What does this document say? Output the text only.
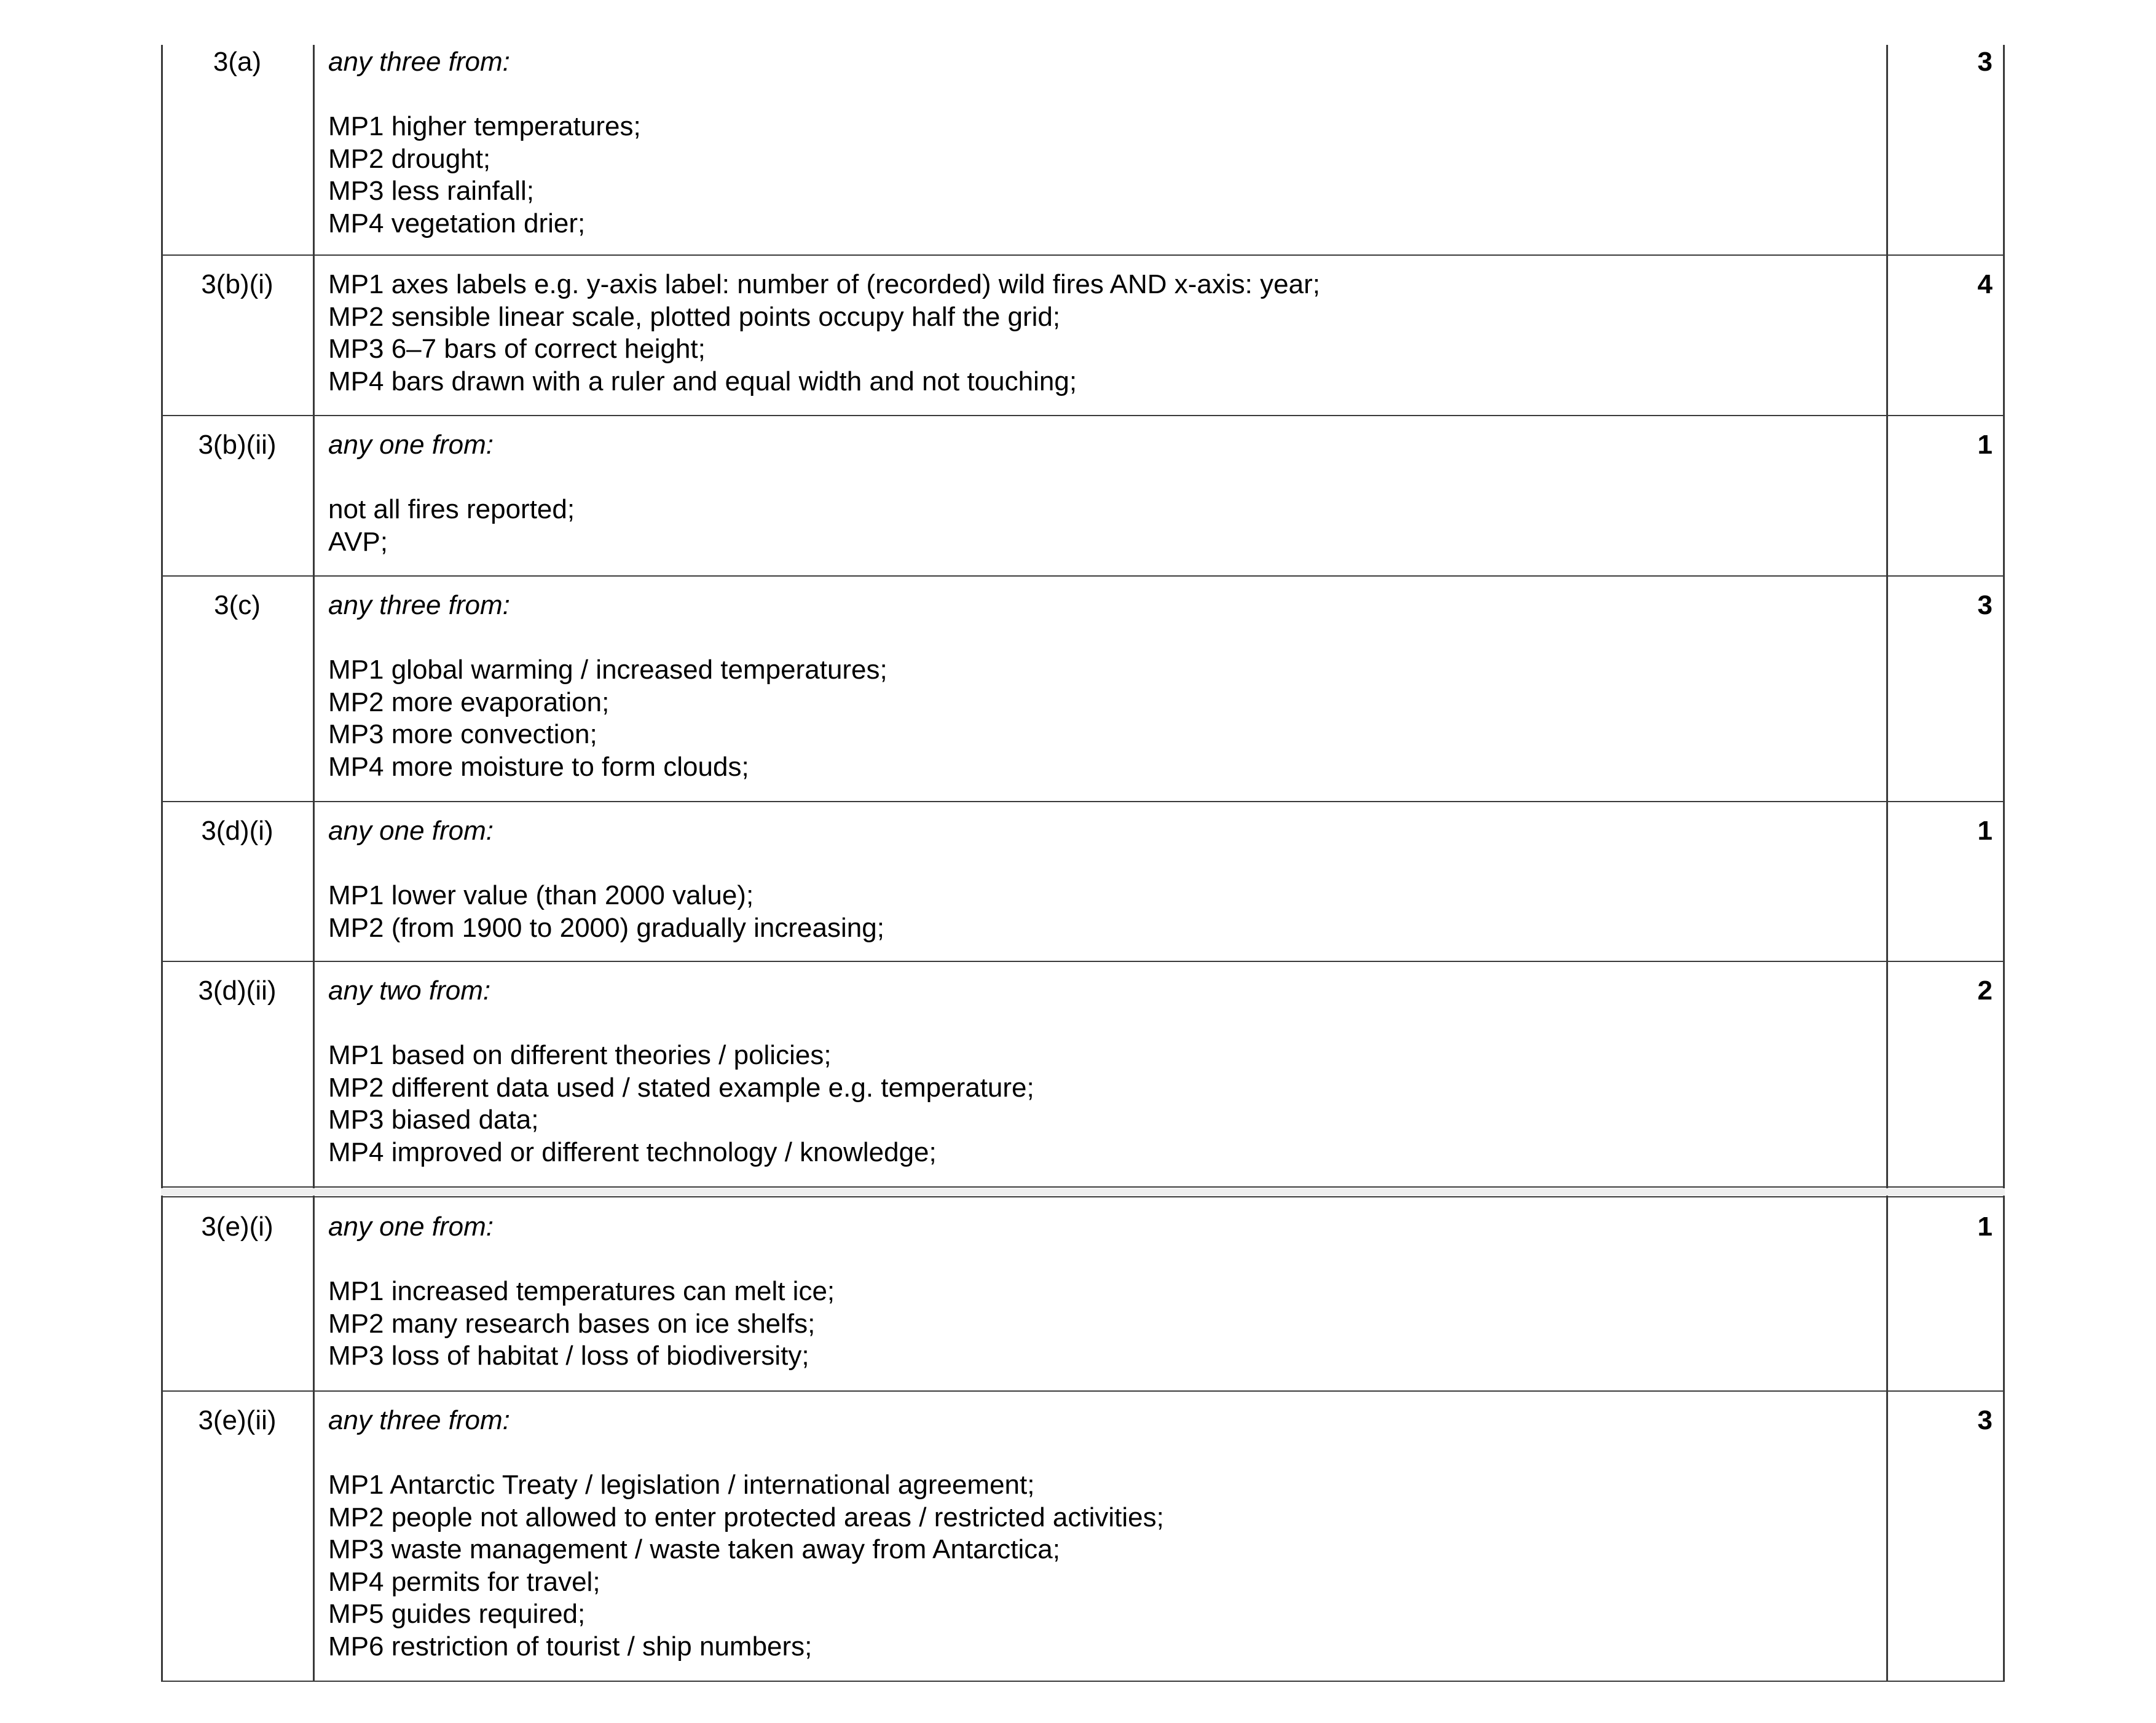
3(a)	any three from:
MP1 higher temperatures;
MP2 drought;
MP3 less rainfall;
MP4 vegetation drier;
3
3(b)(i)	MP1 axes labels e.g. y-axis label: number of (recorded) wild fires AND x-axis: year;
MP2 sensible linear scale, plotted points occupy half the grid;
MP3 6–7 bars of correct height;
MP4 bars drawn with a ruler and equal width and not touching;
4
3(b)(ii)	any one from:
not all fires reported;
AVP;
1
3(c)	any three from:
MP1 global warming / increased temperatures;
MP2 more evaporation;
MP3 more convection;
MP4 more moisture to form clouds;
3
3(d)(i)	any one from:
MP1 lower value (than 2000 value);
MP2 (from 1900 to 2000) gradually increasing;
1
3(d)(ii)	any two from:
MP1 based on different theories / policies;
MP2 different data used / stated example e.g. temperature;
MP3 biased data;
MP4 improved or different technology / knowledge;
2
3(e)(i)	any one from:
MP1 increased temperatures can melt ice;
MP2 many research bases on ice shelfs;
MP3 loss of habitat / loss of biodiversity;
1
3(e)(ii)	any three from:
MP1 Antarctic Treaty / legislation / international agreement;
MP2 people not allowed to enter protected areas / restricted activities;
MP3 waste management / waste taken away from Antarctica;
MP4 permits for travel;
MP5 guides required;
MP6 restriction of tourist / ship numbers;
3
